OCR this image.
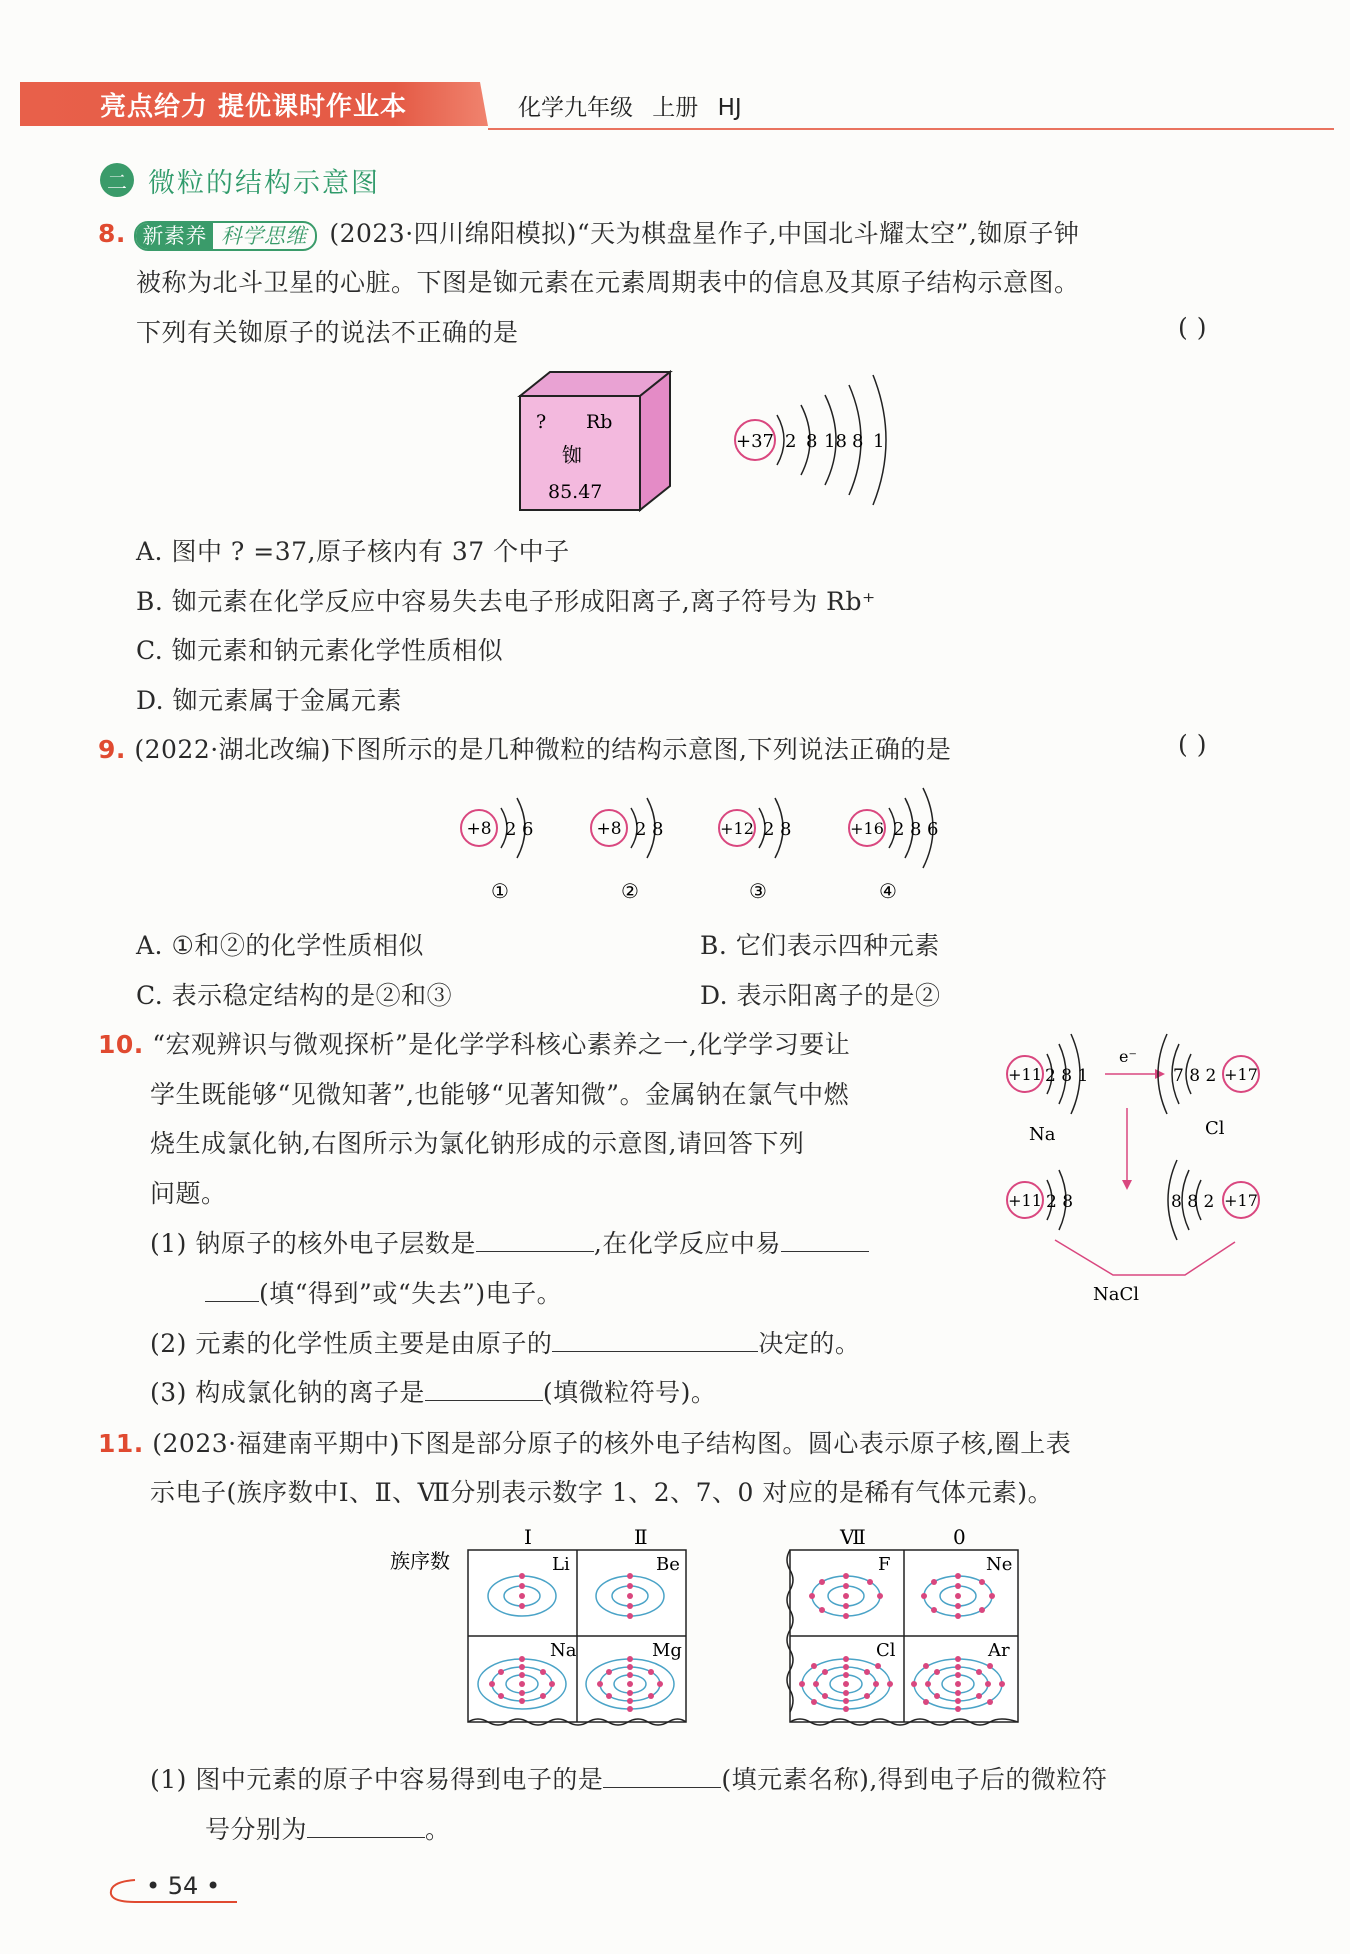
亮点给力 提优课时作业本	化学九年级 上册 HJ
二 微粒的结构示意图
8. 新素养 科学思维 (2023·四川绵阳模拟)“天为棋盘星作子,中国北斗耀太空”,铷原子钟
被称为北斗卫星的心脏。下图是铷元素在元素周期表中的信息及其原子结构示意图。
下列有关铷原子的说法不正确的是	( )
? Rb
铷
85.47
+37 2 8 18 8 1
A. 图中 ? =37,原子核内有 37 个中子
B. 铷元素在化学反应中容易失去电子形成阳离子,离子符号为 Rb⁺
C. 铷元素和钠元素化学性质相似
D. 铷元素属于金属元素
9. (2022·湖北改编)下图所示的是几种微粒的结构示意图,下列说法正确的是	( )
+8 2 6
①
+8 2 8
②
+12 2 8
③
+16 2 8 6
④
A. ①和②的化学性质相似	B. 它们表示四种元素
C. 表示稳定结构的是②和③	D. 表示阳离子的是②
10. “宏观辨识与微观探析”是化学学科核心素养之一,化学学习要让
学生既能够“见微知著”,也能够“见著知微”。金属钠在氯气中燃
烧生成氯化钠,右图所示为氯化钠形成的示意图,请回答下列
问题。
(1) 钠原子的核外电子层数是	,在化学反应中易
(填“得到”或“失去”)电子。
(2) 元素的化学性质主要是由原子的	决定的。
(3) 构成氯化钠的离子是	(填微粒符号)。
+11 2 8 1
Na
e⁻
7 8 2 +17
Cl
+11 2 8	8 8 2 +17
NaCl
11. (2023·福建南平期中)下图是部分原子的核外电子结构图。圆心表示原子核,圈上表
示电子(族序数中Ⅰ、Ⅱ、Ⅶ分别表示数字 1、2、7、0 对应的是稀有气体元素)。
族序数
Ⅰ	Ⅱ	Ⅶ	0
Li	Be
Na	Mg
F	Ne
Cl	Ar
(1) 图中元素的原子中容易得到电子的是	(填元素名称),得到电子后的微粒符
号分别为	。
• 54 •
